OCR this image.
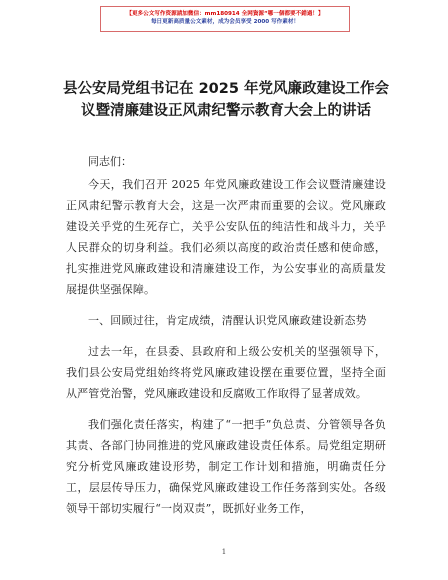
【更多公文写作资源請加微信：mm180914 全网資源“哪一個都要不錯過！】
每日更新高质量公文素材，成为会员享受 2000 写作素材！
县公安局党组书记在 2025 年党风廉政建设工作会议暨清廉建设正风肃纪警示教育大会上的讲话

同志们：

今天，我们召开 2025 年党风廉政建设工作会议暨清廉建设正风肃纪警示教育大会，这是一次严肃而重要的会议。党风廉政建设关乎党的生死存亡，关乎公安队伍的纯洁性和战斗力，关乎人民群众的切身利益。我们必须以高度的政治责任感和使命感，扎实推进党风廉政建设和清廉建设工作，为公安事业的高质量发展提供坚强保障。

一、回顾过往，肯定成绩，清醒认识党风廉政建设新态势

过去一年，在县委、县政府和上级公安机关的坚强领导下，我们县公安局党组始终将党风廉政建设摆在重要位置，坚持全面从严管党治警，党风廉政建设和反腐败工作取得了显著成效。

我们强化责任落实，构建了“一把手”负总责、分管领导各负其责、各部门协同推进的党风廉政建设责任体系。局党组定期研究分析党风廉政建设形势，制定工作计划和措施，明确责任分工，层层传导压力，确保党风廉政建设工作任务落到实处。各级领导干部切实履行“一岗双责”，既抓好业务工作，

1
